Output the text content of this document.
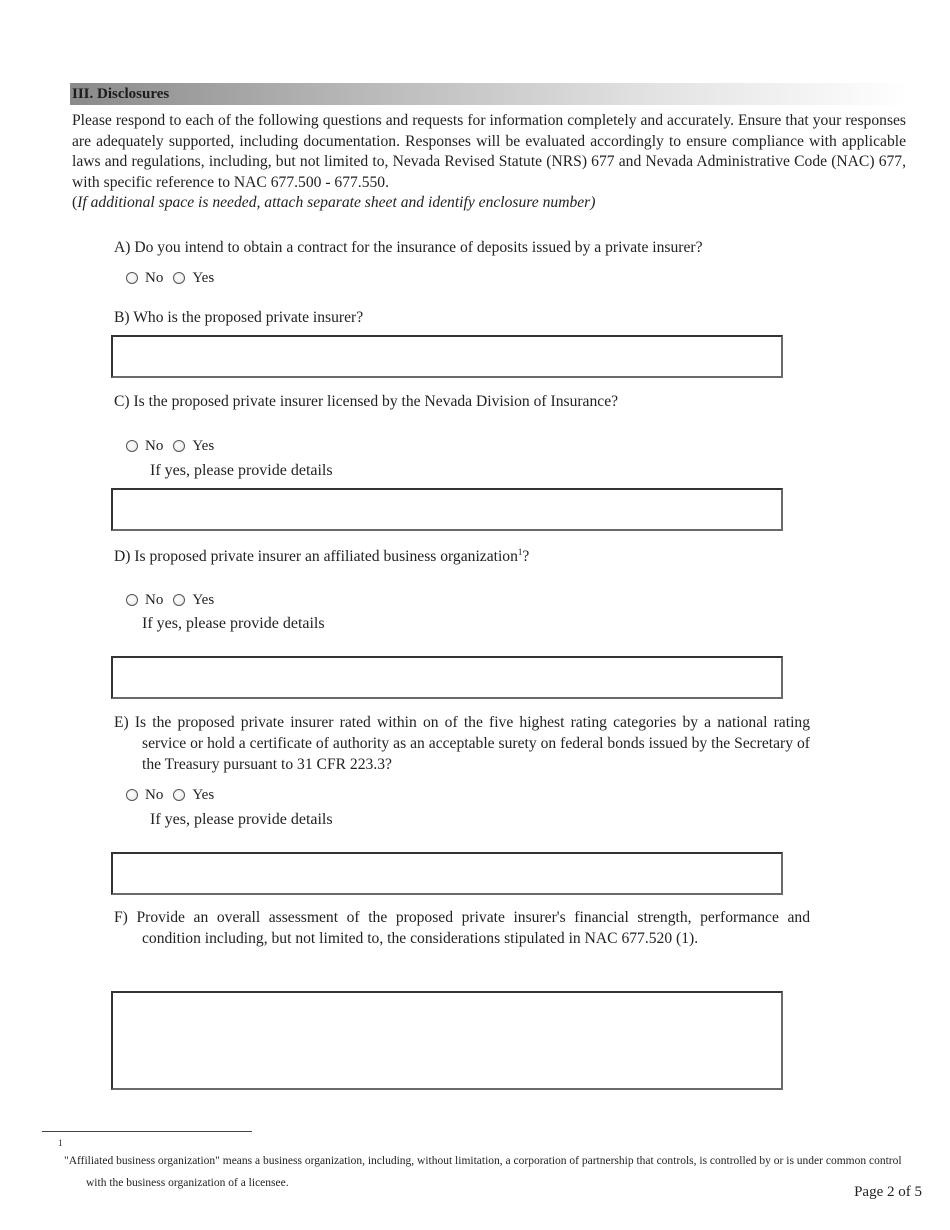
III. Disclosures

Please respond to each of the following questions and requests for information completely and accurately. Ensure that your responses are adequately supported, including documentation. Responses will be evaluated accordingly to ensure compliance with applicable laws and regulations, including, but not limited to, Nevada Revised Statute (NRS) 677 and Nevada Administrative Code (NAC) 677, with specific reference to NAC 677.500 - 677.550.

(If additional space is needed, attach separate sheet and identify enclosure number)

A) Do you intend to obtain a contract for the insurance of deposits issued by a private insurer?

No Yes

B) Who is the proposed private insurer?

C) Is the proposed private insurer licensed by the Nevada Division of Insurance?

No Yes
If yes, please provide details

D) Is proposed private insurer an affiliated business organization$^1$?

No Yes
If yes, please provide details

E) Is the proposed private insurer rated within on of the five highest rating categories by a national rating service or hold a certificate of authority as an acceptable surety on federal bonds issued by the Secretary of the Treasury pursuant to 31 CFR 223.3?

No Yes
If yes, please provide details

F) Provide an overall assessment of the proposed private insurer's financial strength, performance and condition including, but not limited to, the considerations stipulated in NAC 677.520 (1).

1

"Affiliated business organization" means a business organization, including, without limitation, a corporation of partnership that controls, is controlled by or is under common control with the business organization of a licensee.

Page 2 of 5
